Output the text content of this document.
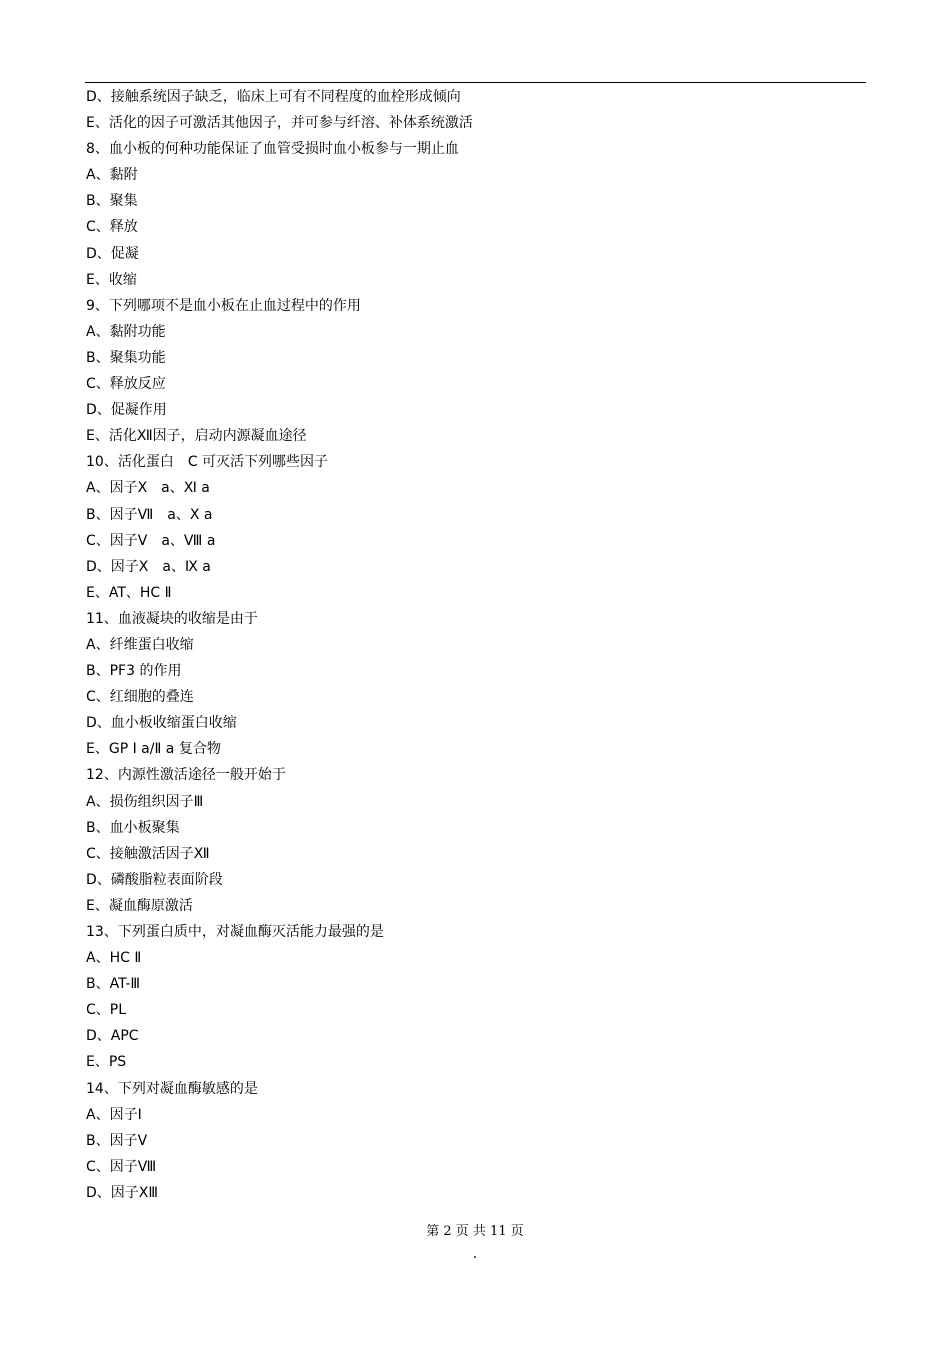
D、接触系统因子缺乏，临床上可有不同程度的血栓形成倾向
E、活化的因子可激活其他因子，并可参与纤溶、补体系统激活
8、血小板的何种功能保证了血管受损时血小板参与一期止血
A、黏附
B、聚集
C、释放
D、促凝
E、收缩
9、下列哪项不是血小板在止血过程中的作用
A、黏附功能
B、聚集功能
C、释放反应
D、促凝作用
E、活化Ⅻ因子，启动内源凝血途径
10、活化蛋白　C 可灭活下列哪些因子
A、因子Ⅹ　a、Ⅺ a
B、因子Ⅶ　a、Ⅹ a
C、因子Ⅴ　a、Ⅷ a
D、因子Ⅹ　a、Ⅸ a
E、AT、HC Ⅱ
11、血液凝块的收缩是由于
A、纤维蛋白收缩
B、PF3 的作用
C、红细胞的叠连
D、血小板收缩蛋白收缩
E、GP Ⅰ a/Ⅱ a 复合物
12、内源性激活途径一般开始于
A、损伤组织因子Ⅲ
B、血小板聚集
C、接触激活因子Ⅻ
D、磷酸脂粒表面阶段
E、凝血酶原激活
13、下列蛋白质中，对凝血酶灭活能力最强的是
A、HC Ⅱ
B、AT-Ⅲ
C、PL
D、APC
E、PS
14、下列对凝血酶敏感的是
A、因子Ⅰ
B、因子Ⅴ
C、因子Ⅷ
D、因子ⅩⅢ
第 2 页 共 11 页
.
